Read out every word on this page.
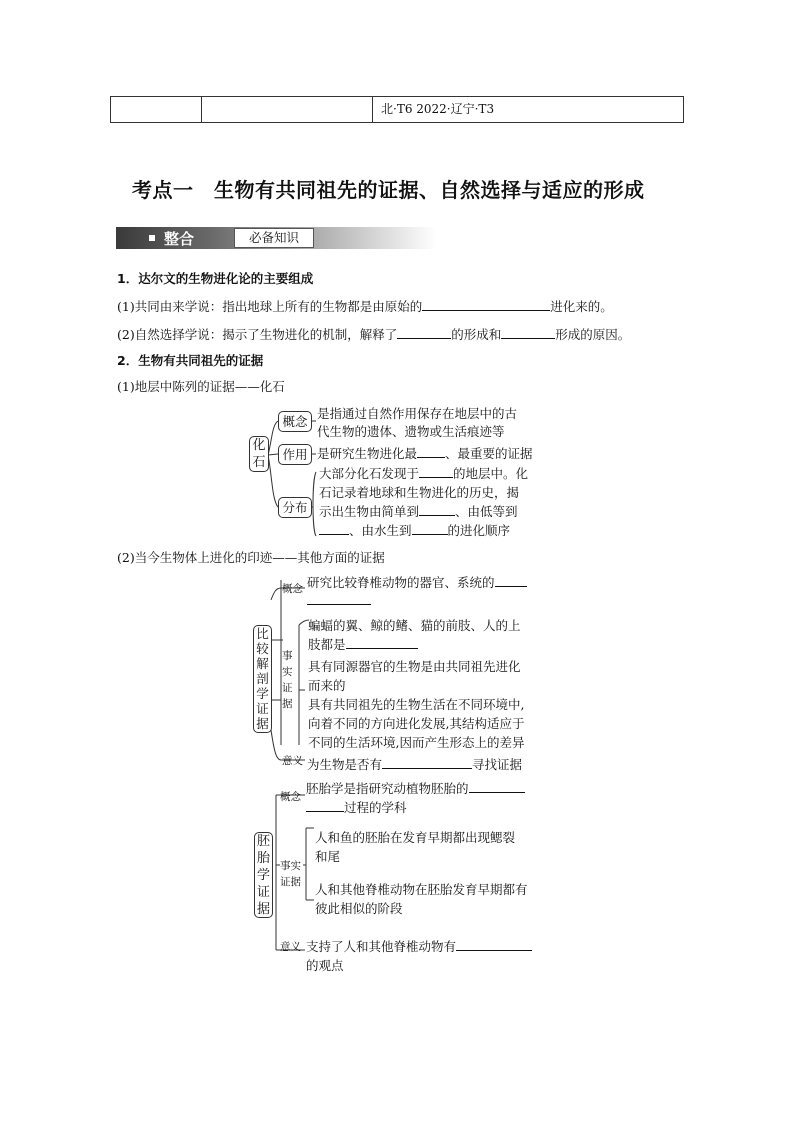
北·T6 2022·辽宁·T3
考点一　生物有共同祖先的证据、自然选择与适应的形成
整合	必备知识
1．达尔文的生物进化论的主要组成
(1)共同由来学说：指出地球上所有的生物都是由原始的	进化来的。
(2)自然选择学说：揭示了生物进化的机制，解释了	的形成和	形成的原因。
2．生物有共同祖先的证据
(1)地层中陈列的证据——化石
化
石
概念
是指通过自然作用保存在地层中的古
代生物的遗体、遗物或生活痕迹等
作用 是研究生物进化最 、最重要的证据
分布
大部分化石发现于	的地层中。化
石记录着地球和生物进化的历史，揭
示出生物由简单到	、由低等到
、由水生到	的进化顺序
(2)当今生物体上进化的印迹——其他方面的证据
比
较
解
剖
学
证
据
概念 研究比较脊椎动物的器官、系统的
事
实
证
据
蝙蝠的翼、鲸的鳍、猫的前肢、人的上
肢都是
具有同源器官的生物是由共同祖先进化
而来的
具有共同祖先的生物生活在不同环境中,
向着不同的方向进化发展,其结构适应于
不同的生活环境,因而产生形态上的差异
意义 为生物是否有	寻找证据
胚
胎
学
证
据
概念
胚胎学是指研究动植物胚胎的
过程的学科
事实
证据
人和鱼的胚胎在发育早期都出现鳃裂
和尾
人和其他脊椎动物在胚胎发育早期都有
彼此相似的阶段
意义 支持了人和其他脊椎动物有
的观点
